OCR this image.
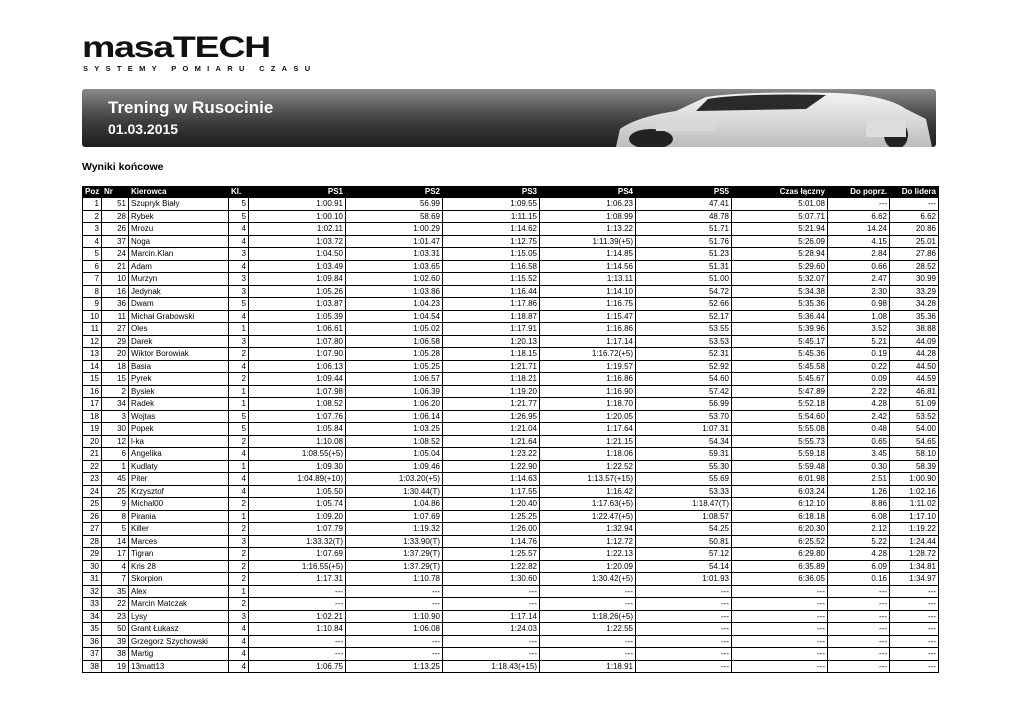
masaTECH
SYSTEMY POMIARU CZASU
Trening w Rusocinie
01.03.2015
Wyniki końcowe
Poz	Nr	Kierowca	Kl.	PS1	PS2	PS3	PS4	PS5	Czas łączny	Do poprz.	Do lidera
1	51	Szupryk Biały	5	1:00.91	56.99	1:09.55	1:06.23	47.41	5:01.08	---	---
2	28	Rybek	5	1:00.10	58.69	1:11.15	1:08.99	48.78	5:07.71	6.62	6.62
3	26	Mrozu	4	1:02.11	1:00.29	1:14.62	1:13.22	51.71	5:21.94	14.24	20.86
4	37	Noga	4	1:03.72	1:01.47	1:12.75	1:11.39(+5)	51.76	5:26.09	4.15	25.01
5	24	Marcin.Klan	3	1:04.50	1:03.31	1:15.05	1:14.85	51.23	5:28.94	2.84	27.86
6	21	Adam	4	1:03.49	1:03.65	1:16.58	1:14.56	51.31	5:29.60	0.66	28.52
7	10	Murzyn	3	1:09.84	1:02.60	1:15.52	1:13.11	51.00	5:32.07	2.47	30.99
8	16	Jedynak	3	1:05.26	1:03.86	1:16.44	1:14.10	54.72	5:34.38	2.30	33.29
9	36	Dwam	5	1:03.87	1:04.23	1:17.86	1:16.75	52.66	5:35.36	0.98	34.28
10	11	Michał Grabowski	4	1:05.39	1:04.54	1:18.87	1:15.47	52.17	5:36.44	1.08	35.36
11	27	Oles	1	1:06.61	1:05.02	1:17.91	1:16.86	53.55	5:39.96	3.52	38.88
12	29	Darek	3	1:07.80	1:06.58	1:20.13	1:17.14	53.53	5:45.17	5.21	44.09
13	20	Wiktor Borowiak	2	1:07.90	1:05.28	1:18.15	1:16.72(+5)	52.31	5:45.36	0.19	44.28
14	18	Basia	4	1:06.13	1:05.25	1:21.71	1:19.57	52.92	5:45.58	0.22	44.50
15	15	Pyrek	2	1:09.44	1:06.57	1:18.21	1:16.86	54.60	5:45.67	0.09	44.59
16	2	Bysiek	1	1:07.98	1:06.39	1:19.20	1:16.90	57.42	5:47.89	2.22	46.81
17	34	Radek	1	1:08.52	1:06.20	1:21.77	1:18.70	56.99	5:52.18	4.28	51.09
18	3	Wojtas	5	1:07.76	1:06.14	1:26.95	1:20.05	53.70	5:54.60	2.42	53.52
19	30	Popek	5	1:05.84	1:03.25	1:21.04	1:17.64	1:07.31	5:55.08	0.48	54.00
20	12	l-ka	2	1:10.08	1:08.52	1:21.64	1:21.15	54.34	5:55.73	0.65	54.65
21	6	Angelika	4	1:08.55(+5)	1:05.04	1:23.22	1:18.06	59.31	5:59.18	3.45	58.10
22	1	Kudlaty	1	1:09.30	1:09.46	1:22.90	1:22.52	55.30	5:59.48	0.30	58.39
23	45	Piter	4	1:04.89(+10)	1:03.20(+5)	1:14.63	1:13.57(+15)	55.69	6:01.98	2.51	1:00.90
24	25	Krzysztof	4	1:05.50	1:30.44(T)	1:17.55	1:16.42	53.33	6:03.24	1.26	1:02.16
25	9	Michal00	2	1:05.74	1:04.86	1:20.40	1:17.63(+5)	1:18.47(T)	6:12.10	8.86	1:11.02
26	8	Pirania	1	1:09.20	1:07.69	1:25.25	1:22.47(+5)	1:08.57	6:18.18	6.08	1:17.10
27	5	Killer	2	1:07.79	1:19.32	1:26.00	1:32.94	54.25	6:20.30	2.12	1:19.22
28	14	Marces	3	1:33.32(T)	1:33.90(T)	1:14.76	1:12.72	50.81	6:25.52	5.22	1:24.44
29	17	Tigran	2	1:07.69	1:37.29(T)	1:25.57	1:22.13	57.12	6:29.80	4.28	1:28.72
30	4	Kris 28	2	1:16.55(+5)	1:37.29(T)	1:22.82	1:20.09	54.14	6:35.89	6.09	1:34.81
31	7	Skorpion	2	1:17.31	1:10.78	1:30.60	1:30.42(+5)	1:01.93	6:36.05	0.16	1:34.97
32	35	Alex	1	---	---	---	---	---	---	---	---
33	22	Marcin Matczak	2	---	---	---	---	---	---	---	---
34	23	Lysy	3	1:02.21	1:10.90	1:17.14	1:18.26(+5)	---	---	---	---
35	50	Grant Łukasz	4	1:10.84	1:06.08	1:24.03	1:22.55	---	---	---	---
36	39	Grzegorz Szychowski	4	---	---	---	---	---	---	---	---
37	38	Martig	4	---	---	---	---	---	---	---	---
38	19	13matt13	4	1:06.75	1:13.25	1:18.43(+15)	1:18.91	---	---	---	---
